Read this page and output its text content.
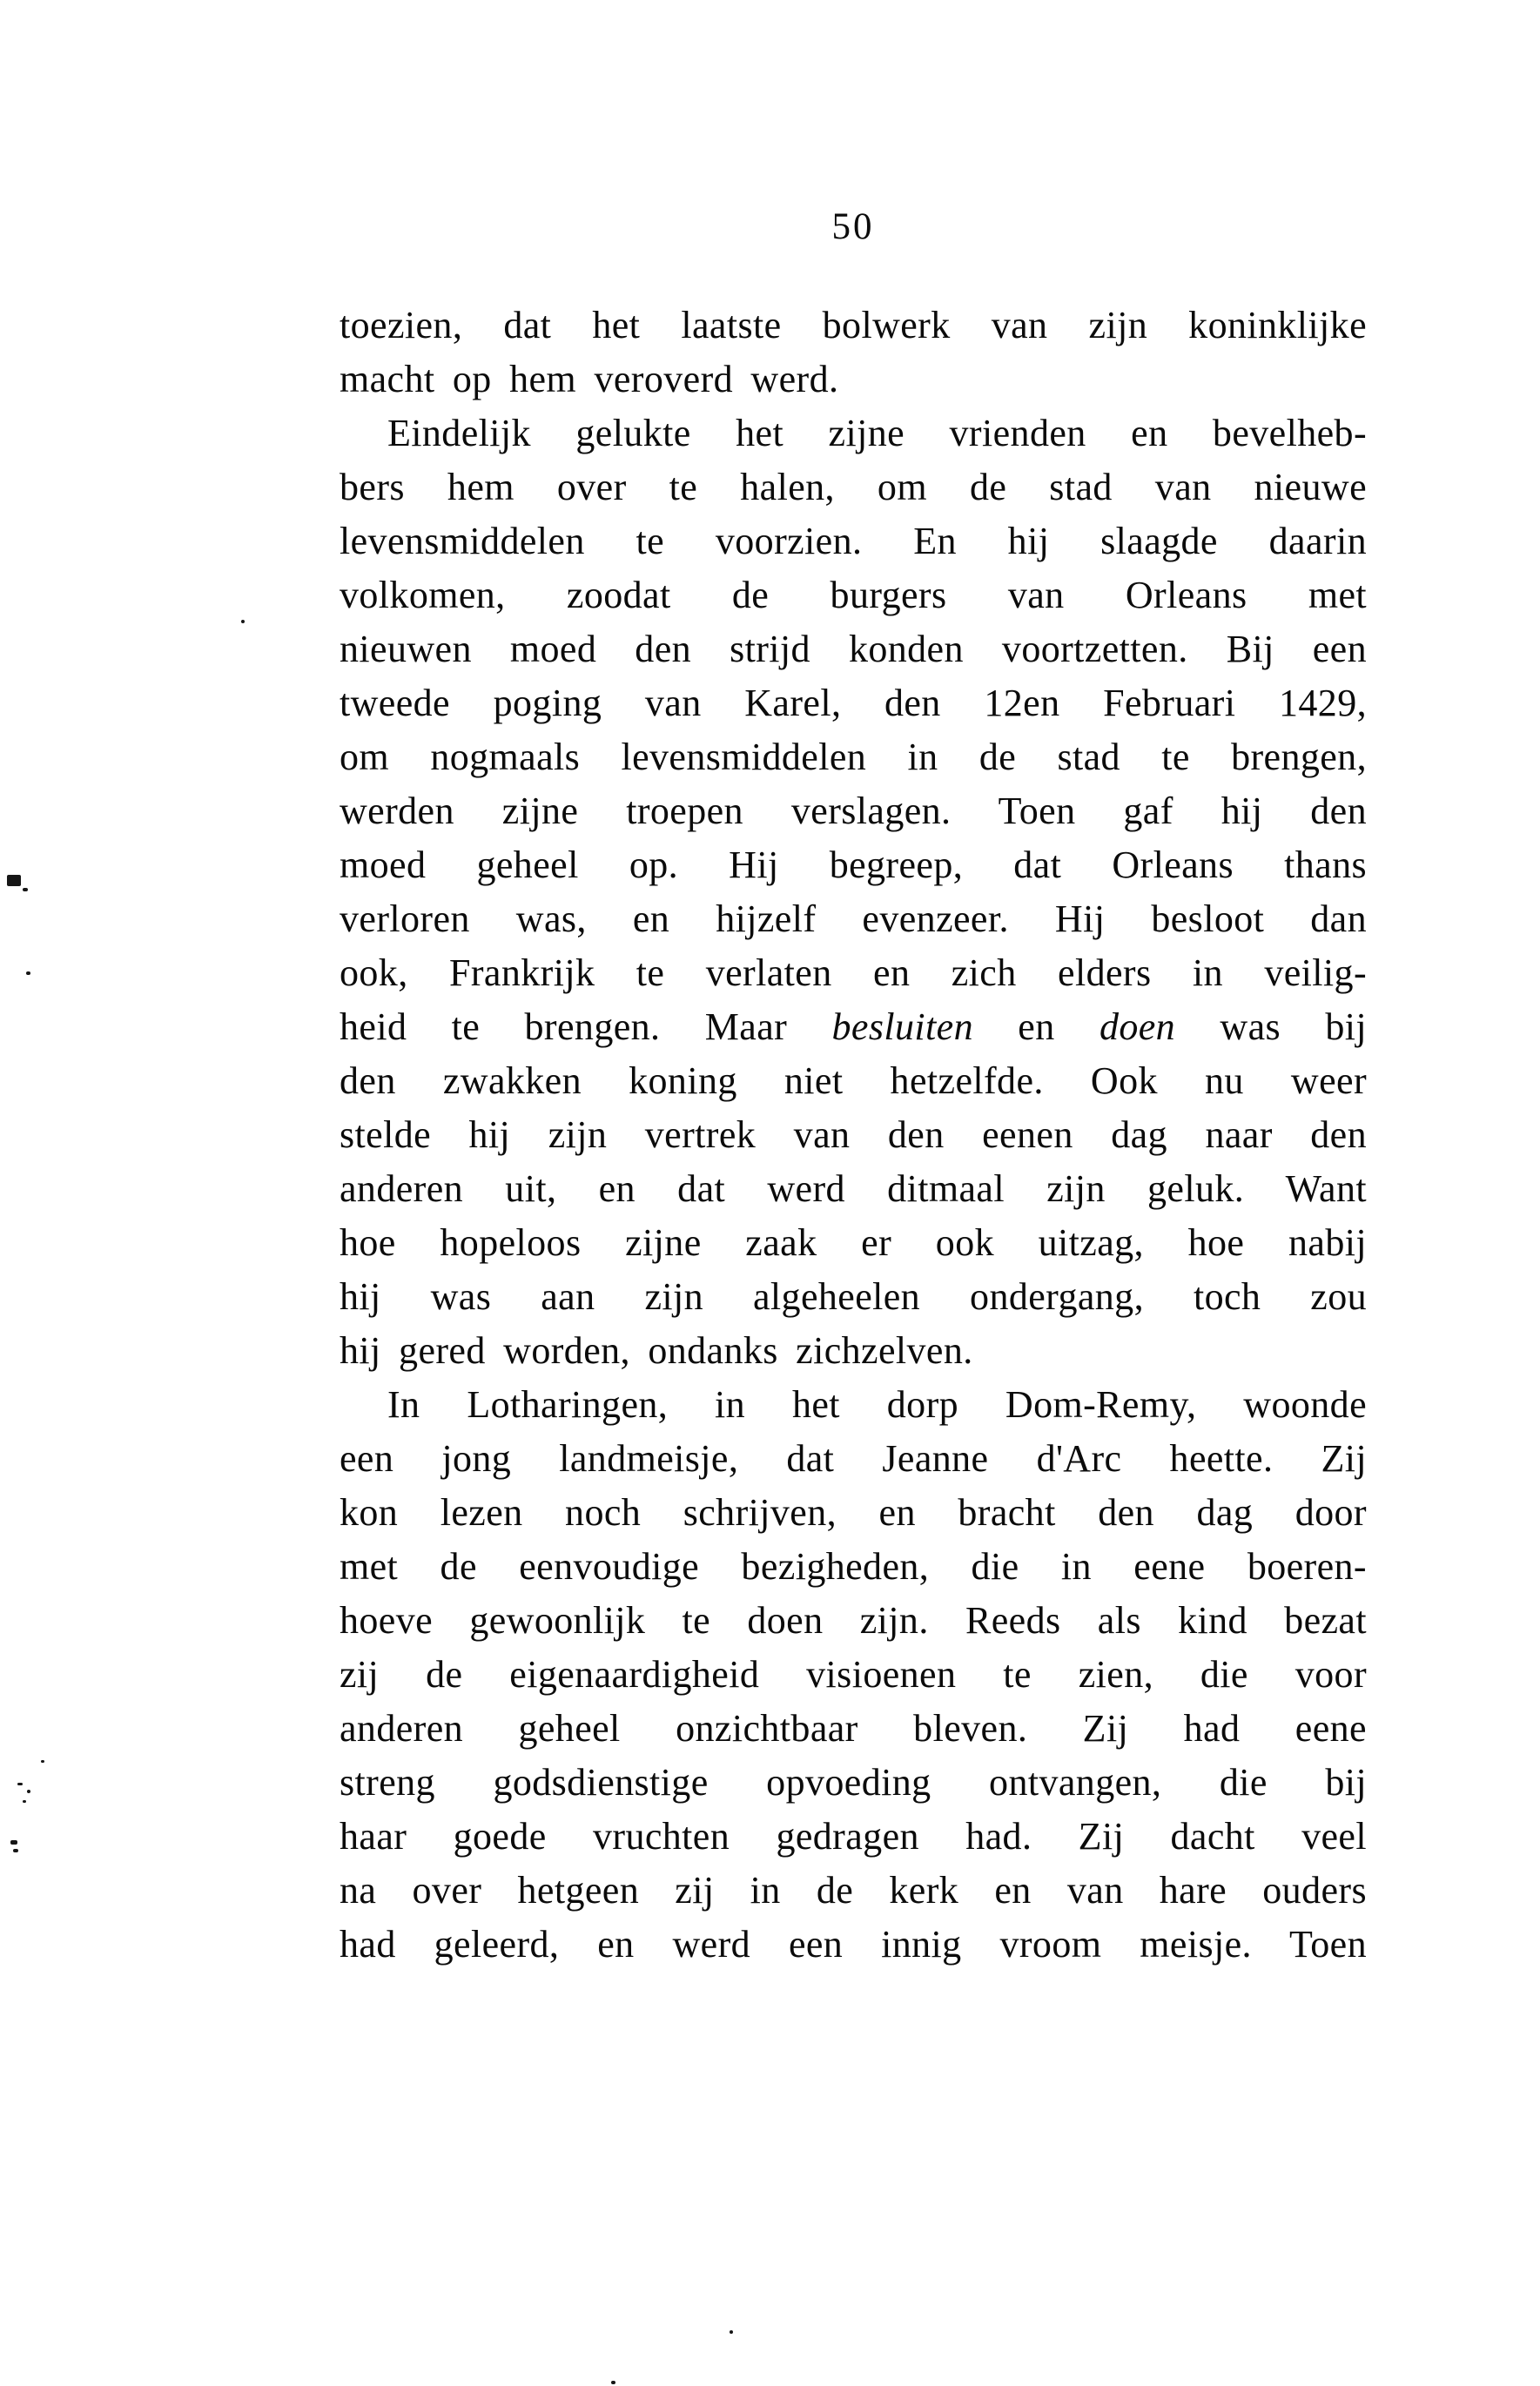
50
toezien, dat het laatste bolwerk van zijn koninklijke
macht op hem veroverd werd.
Eindelijk gelukte het zijne vrienden en bevelheb-
bers hem over te halen, om de stad van nieuwe
levensmiddelen te voorzien. En hij slaagde daarin
volkomen, zoodat de burgers van Orleans met
nieuwen moed den strijd konden voortzetten. Bij een
tweede poging van Karel, den 12en Februari 1429,
om nogmaals levensmiddelen in de stad te brengen,
werden zijne troepen verslagen. Toen gaf hij den
moed geheel op. Hij begreep, dat Orleans thans
verloren was, en hijzelf evenzeer. Hij besloot dan
ook, Frankrijk te verlaten en zich elders in veilig-
heid te brengen. Maar besluiten en doen was bij
den zwakken koning niet hetzelfde. Ook nu weer
stelde hij zijn vertrek van den eenen dag naar den
anderen uit, en dat werd ditmaal zijn geluk. Want
hoe hopeloos zijne zaak er ook uitzag, hoe nabij
hij was aan zijn algeheelen ondergang, toch zou
hij gered worden, ondanks zichzelven.
In Lotharingen, in het dorp Dom-Remy, woonde
een jong landmeisje, dat Jeanne d'Arc heette. Zij
kon lezen noch schrijven, en bracht den dag door
met de eenvoudige bezigheden, die in eene boeren-
hoeve gewoonlijk te doen zijn. Reeds als kind bezat
zij de eigenaardigheid visioenen te zien, die voor
anderen geheel onzichtbaar bleven. Zij had eene
streng godsdienstige opvoeding ontvangen, die bij
haar goede vruchten gedragen had. Zij dacht veel
na over hetgeen zij in de kerk en van hare ouders
had geleerd, en werd een innig vroom meisje. Toen
